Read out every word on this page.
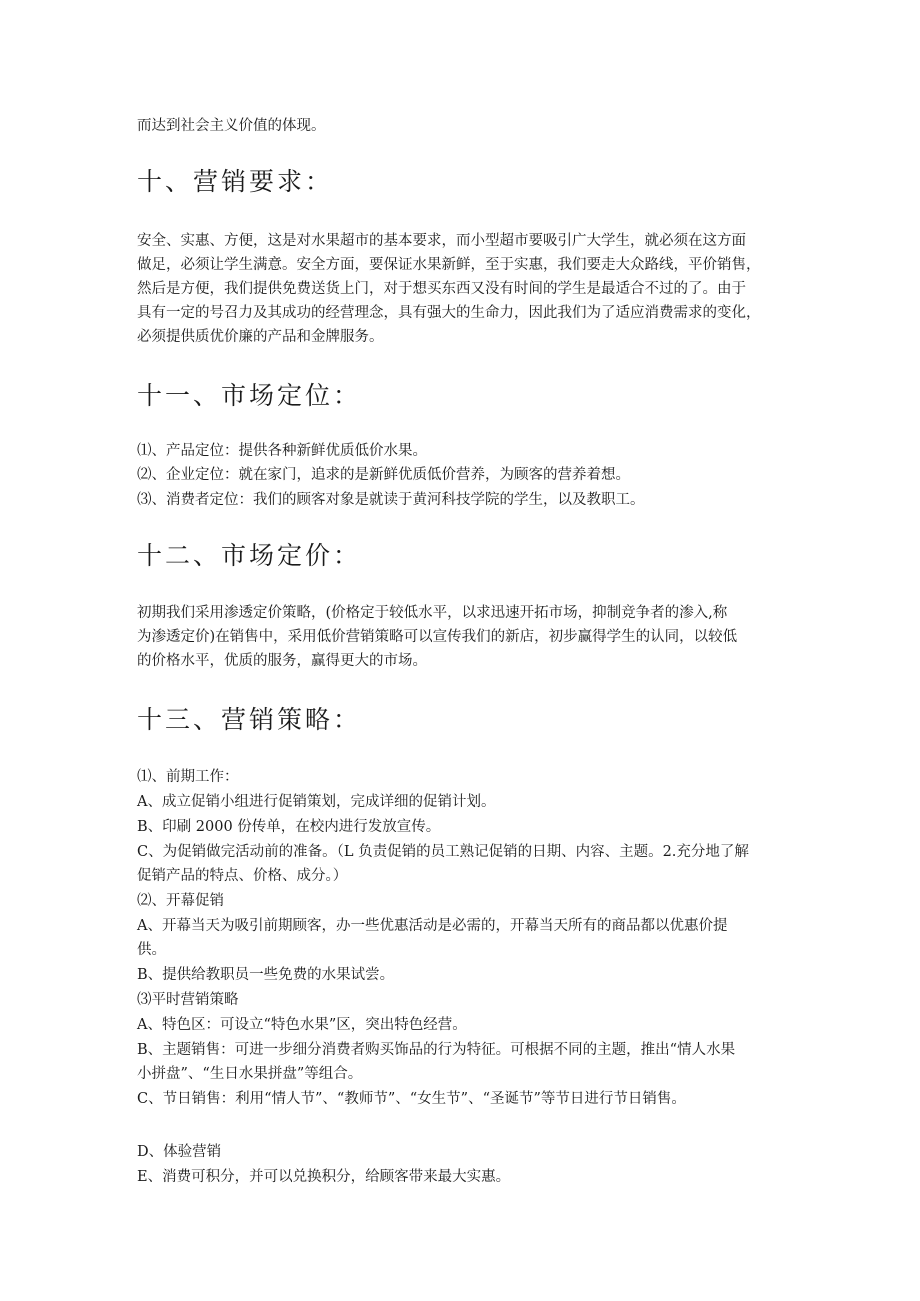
而达到社会主义价值的体现。

十、营销要求：

安全、实惠、方便，这是对水果超市的基本要求，而小型超市要吸引广大学生，就必须在这方面

做足，必须让学生满意。安全方面，要保证水果新鲜，至于实惠，我们要走大众路线，平价销售，

然后是方便，我们提供免费送货上门，对于想买东西又没有时间的学生是最适合不过的了。由于

具有一定的号召力及其成功的经营理念，具有强大的生命力，因此我们为了适应消费需求的变化，

必须提供质优价廉的产品和金牌服务。

十一、市场定位：

⑴、产品定位：提供各种新鲜优质低价水果。

⑵、企业定位：就在家门，追求的是新鲜优质低价营养，为顾客的营养着想。

⑶、消费者定位：我们的顾客对象是就读于黄河科技学院的学生，以及教职工。

十二、市场定价：

初期我们采用渗透定价策略，(价格定于较低水平，以求迅速开拓市场，抑制竞争者的渗入,称

为渗透定价)在销售中，采用低价营销策略可以宣传我们的新店，初步赢得学生的认同，以较低

的价格水平，优质的服务，赢得更大的市场。

十三、营销策略：

⑴、前期工作：

A、成立促销小组进行促销策划，完成详细的促销计划。

B、印刷 2000 份传单，在校内进行发放宣传。

C、为促销做完活动前的准备。（L 负责促销的员工熟记促销的日期、内容、主题。2.充分地了解

促销产品的特点、价格、成分。）

⑵、开幕促销

A、开幕当天为吸引前期顾客，办一些优惠活动是必需的，开幕当天所有的商品都以优惠价提

供。

B、提供给教职员一些免费的水果试尝。

⑶平时营销策略

A、特色区：可设立“特色水果”区，突出特色经营。

B、主题销售：可进一步细分消费者购买饰品的行为特征。可根据不同的主题，推出“情人水果

小拼盘”、“生日水果拼盘”等组合。

C、节日销售：利用“情人节”、“教师节”、“女生节”、“圣诞节”等节日进行节日销售。

D、体验营销

E、消费可积分，并可以兑换积分，给顾客带来最大实惠。
